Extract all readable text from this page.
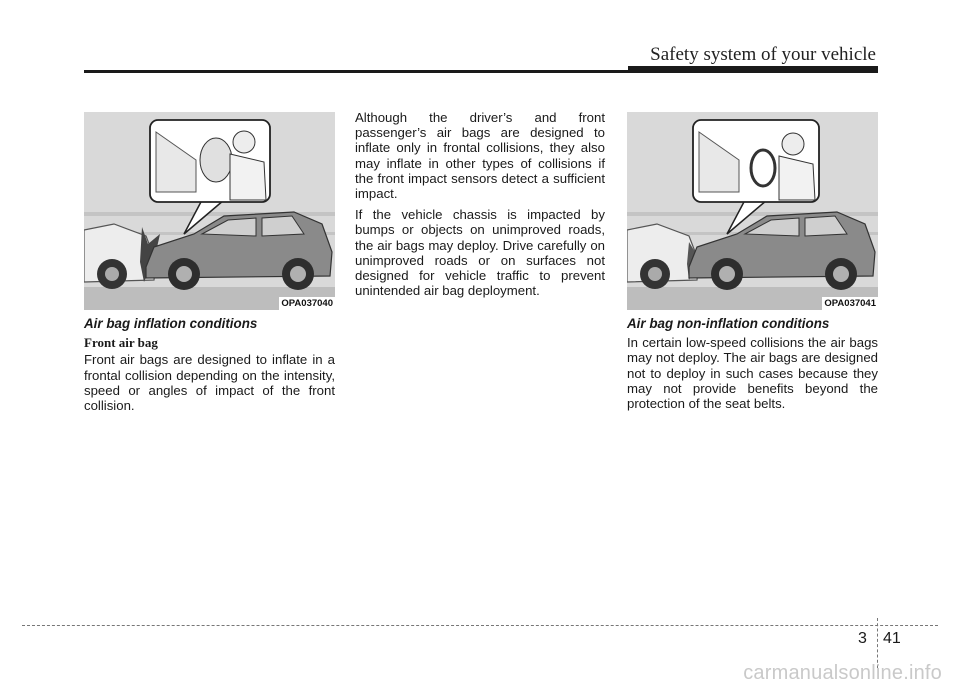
Safety system of your vehicle
OPA037040	OPA037041
Air bag inflation conditions
Front air bag

Front air bags are designed to inflate in a frontal collision depending on the intensity, speed or angles of impact of the front collision.

Although the driver’s and front passenger’s air bags are designed to inflate only in frontal collisions, they also may inflate in other types of collisions if the front impact sensors detect a sufficient impact.

If the vehicle chassis is impacted by bumps or objects on unimproved roads, the air bags may deploy. Drive carefully on unimproved roads or on surfaces not designed for vehicle traffic to prevent unintended air bag deployment.

Air bag non-inflation conditions

In certain low-speed collisions the air bags may not deploy. The air bags are designed not to deploy in such cases because they may not provide benefits beyond the protection of the seat belts.

3 41
carmanualsonline.info
